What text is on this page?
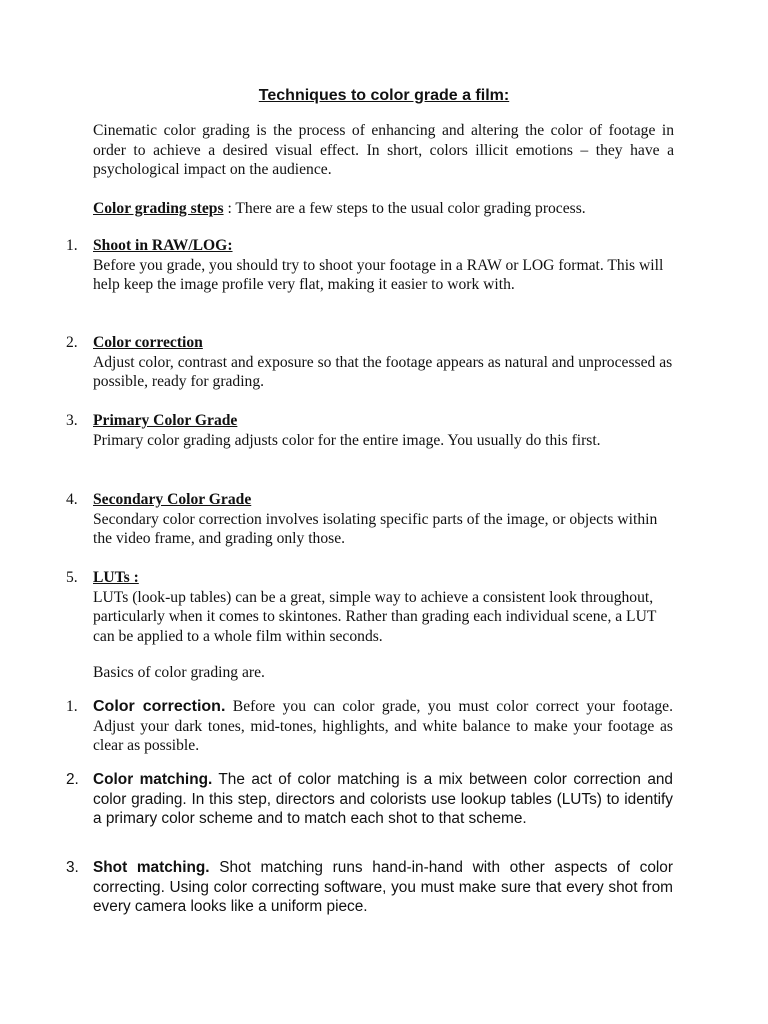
Techniques to color grade a film:
Cinematic color grading is the process of enhancing and altering the color of footage in order to achieve a desired visual effect. In short, colors illicit emotions – they have a psychological impact on the audience.
Color grading steps : There are a few steps to the usual color grading process.
1. Shoot in RAW/LOG:
Before you grade, you should try to shoot your footage in a RAW or LOG format. This will help keep the image profile very flat, making it easier to work with.
2. Color correction
Adjust color, contrast and exposure so that the footage appears as natural and unprocessed as possible, ready for grading.
3. Primary Color Grade
Primary color grading adjusts color for the entire image. You usually do this first.
4. Secondary Color Grade
Secondary color correction involves isolating specific parts of the image, or objects within the video frame, and grading only those.
5. LUTs :
LUTs (look-up tables) can be a great, simple way to achieve a consistent look throughout, particularly when it comes to skintones. Rather than grading each individual scene, a LUT can be applied to a whole film within seconds.
Basics of color grading are.
1. Color correction. Before you can color grade, you must color correct your footage. Adjust your dark tones, mid-tones, highlights, and white balance to make your footage as clear as possible.
2. Color matching. The act of color matching is a mix between color correction and color grading. In this step, directors and colorists use lookup tables (LUTs) to identify a primary color scheme and to match each shot to that scheme.
3. Shot matching. Shot matching runs hand-in-hand with other aspects of color correcting. Using color correcting software, you must make sure that every shot from every camera looks like a uniform piece.
